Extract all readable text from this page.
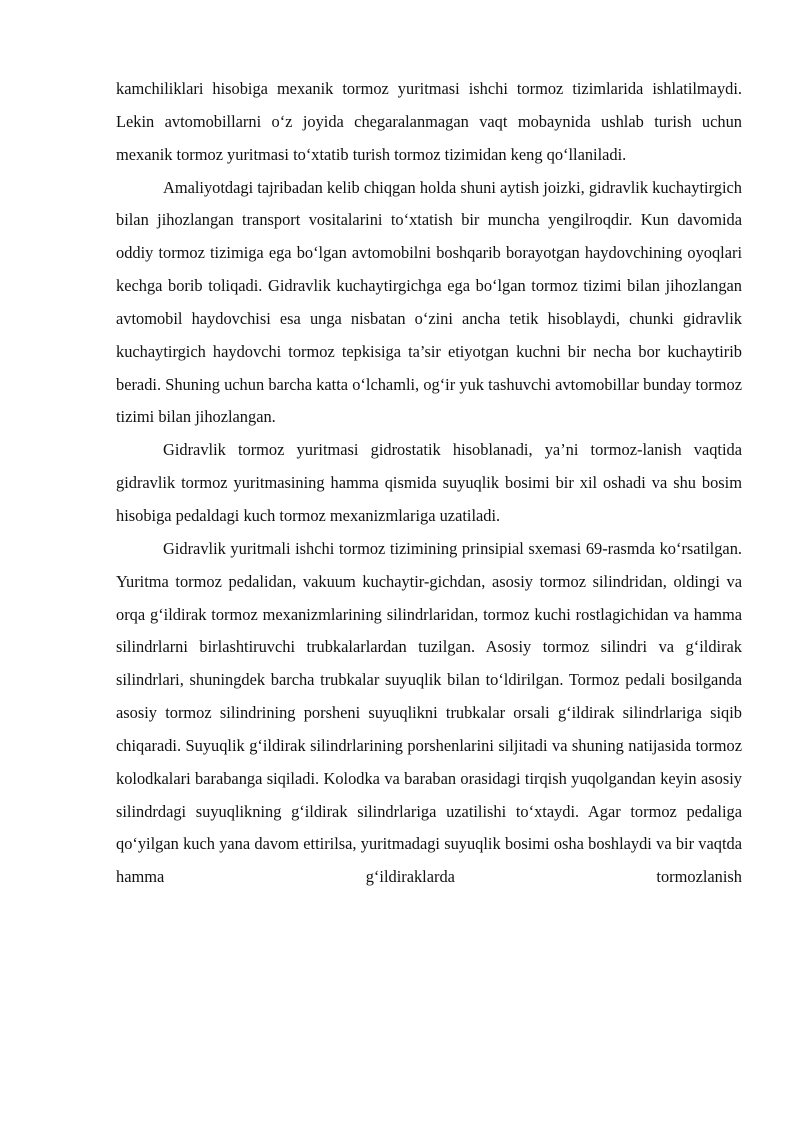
kamchiliklari hisobiga mexanik tormoz yuritmasi ishchi tormoz tizimlarida ishlatilmaydi. Lekin avtomobillarni o‘z joyida chegaralanmagan vaqt mobaynida ushlab turish uchun mexanik tormoz yuritmasi to‘xtatib turish tormoz tizimidan keng qo‘llaniladi.

Amaliyotdagi tajribadan kelib chiqgan holda shuni aytish joizki, gidravlik kuchaytirgich bilan jihozlangan transport vositalarini to‘xtatish bir muncha yengilroqdir. Kun davomida oddiy tormoz tizimiga ega bo‘lgan avtomobilni boshqarib borayotgan haydovchining oyoqlari kechga borib toliqadi. Gidravlik kuchaytirgichga ega bo‘lgan tormoz tizimi bilan jihozlangan avtomobil haydovchisi esa unga nisbatan o‘zini ancha tetik hisoblaydi, chunki gidravlik kuchaytirgich haydovchi tormoz tepkisiga ta’sir etiyotgan kuchni bir necha bor kuchaytirib beradi. Shuning uchun barcha katta o‘lchamli, og‘ir yuk tashuvchi avtomobillar bunday tormoz tizimi bilan jihozlangan.

Gidravlik tormoz yuritmasi gidrostatik hisoblanadi, ya’ni tormoz-lanish vaqtida gidravlik tormoz yuritmasining hamma qismida suyuqlik bosimi bir xil oshadi va shu bosim hisobiga pedaldagi kuch tormoz mexanizmlariga uzatiladi.

Gidravlik yuritmali ishchi tormoz tizimining prinsipial sxemasi 69-rasmda ko‘rsatilgan. Yuritma tormoz pedalidan, vakuum kuchaytir-gichdan, asosiy tormoz silindridan, oldingi va orqa g‘ildirak tormoz mexanizmlarining silindrlaridan, tormoz kuchi rostlagichidan va hamma silindrlarni birlashtiruvchi trubkalarlardan tuzilgan. Asosiy tormoz silindri va g‘ildirak silindrlari, shuningdek barcha trubkalar suyuqlik bilan to‘ldirilgan. Tormoz pedali bosilganda asosiy tormoz silindrining porsheni suyuqlikni trubkalar orsali g‘ildirak silindrlariga siqib chiqaradi. Suyuqlik g‘ildirak silindrlarining porshenlarini siljitadi va shuning natijasida tormoz kolodkalari barabanga siqiladi. Kolodka va baraban orasidagi tirqish yuqolgandan keyin asosiy silindrdagi suyuqlikning g‘ildirak silindrlariga uzatilishi to‘xtaydi. Agar tormoz pedaliga qo‘yilgan kuch yana davom ettirilsa, yuritmadagi suyuqlik bosimi osha boshlaydi va bir vaqtda hamma g‘ildiraklarda tormozlanish
